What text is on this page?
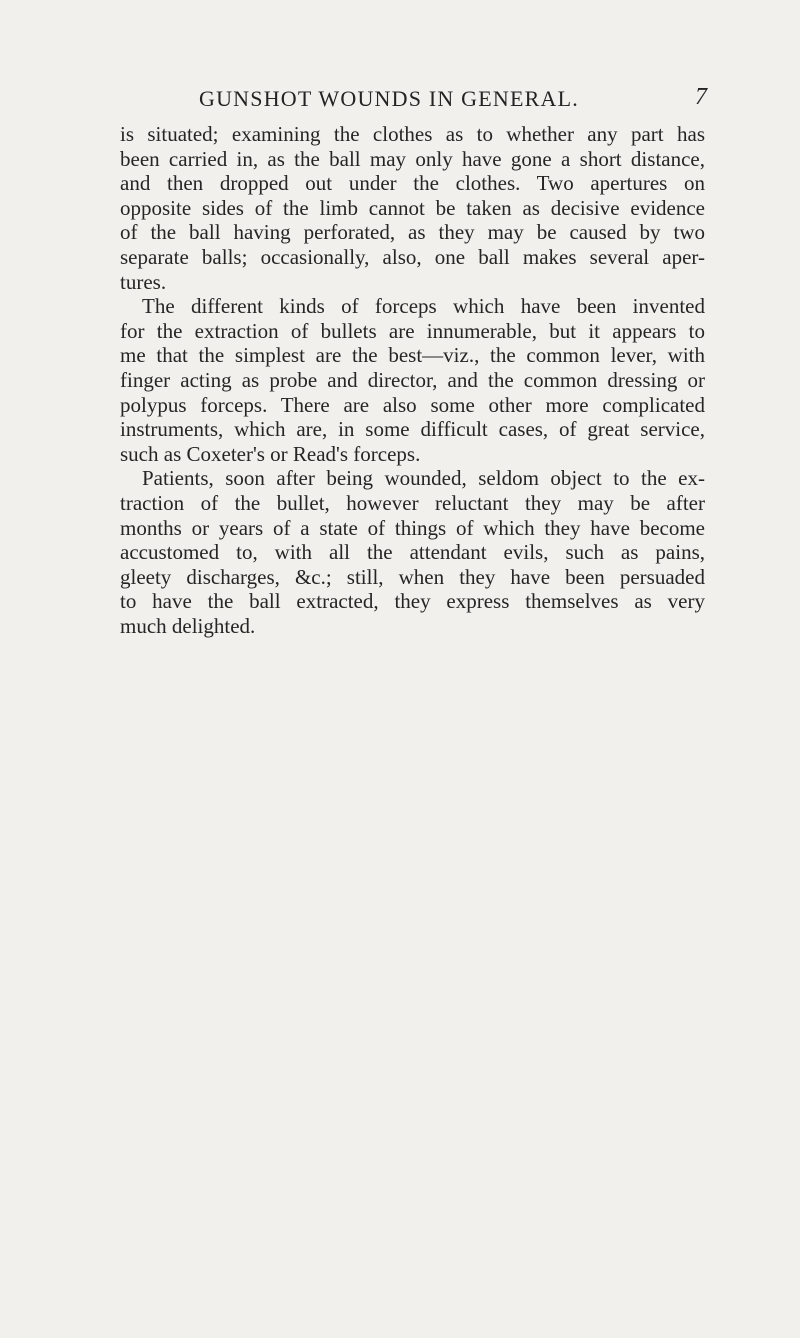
GUNSHOT WOUNDS IN GENERAL.	7
is situated; examining the clothes as to whether any part has
been carried in, as the ball may only have gone a short distance,
and then dropped out under the clothes. Two apertures on
opposite sides of the limb cannot be taken as decisive evidence
of the ball having perforated, as they may be caused by two
separate balls; occasionally, also, one ball makes several aper-
tures.
The different kinds of forceps which have been invented
for the extraction of bullets are innumerable, but it appears to
me that the simplest are the best—viz., the common lever, with
finger acting as probe and director, and the common dressing or
polypus forceps. There are also some other more complicated
instruments, which are, in some difficult cases, of great service,
such as Coxeter's or Read's forceps.
Patients, soon after being wounded, seldom object to the ex-
traction of the bullet, however reluctant they may be after
months or years of a state of things of which they have become
accustomed to, with all the attendant evils, such as pains,
gleety discharges, &c.; still, when they have been persuaded
to have the ball extracted, they express themselves as very
much delighted.
